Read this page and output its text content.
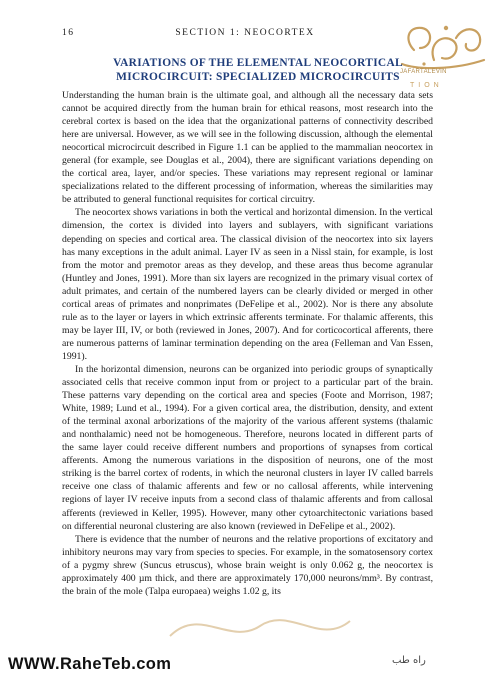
16	SECTION 1: NEOCORTEX
JAFARTALEVIN
TION
VARIATIONS OF THE ELEMENTAL NEOCORTICAL
MICROCIRCUIT: SPECIALIZED MICROCIRCUITS

Understanding the human brain is the ultimate goal, and although all the necessary data sets cannot be acquired directly from the human brain for ethical reasons, most research into the cerebral cortex is based on the idea that the organizational patterns of connectivity described here are universal. However, as we will see in the following discussion, although the elemental neocortical microcircuit described in Figure 1.1 can be applied to the mammalian neocortex in general (for example, see Douglas et al., 2004), there are significant variations depending on the cortical area, layer, and/or species. These variations may represent regional or laminar specializations related to the different processing of information, whereas the similarities may be attributed to general functional requisites for cortical circuitry.

The neocortex shows variations in both the vertical and horizontal dimension. In the vertical dimension, the cortex is divided into layers and sublayers, with significant variations depending on species and cortical area. The classical division of the neocortex into six layers has many exceptions in the adult animal. Layer IV as seen in a Nissl stain, for example, is lost from the motor and premotor areas as they develop, and these areas thus become agranular (Huntley and Jones, 1991). More than six layers are recognized in the primary visual cortex of adult primates, and certain of the numbered layers can be clearly divided or merged in other cortical areas of primates and nonprimates (DeFelipe et al., 2002). Nor is there any absolute rule as to the layer or layers in which extrinsic afferents terminate. For thalamic afferents, this may be layer III, IV, or both (reviewed in Jones, 2007). And for corticocortical afferents, there are numerous patterns of laminar termination depending on the area (Felleman and Van Essen, 1991).

In the horizontal dimension, neurons can be organized into periodic groups of synaptically associated cells that receive common input from or project to a particular part of the brain. These patterns vary depending on the cortical area and species (Foote and Morrison, 1987; White, 1989; Lund et al., 1994). For a given cortical area, the distribution, density, and extent of the terminal axonal arborizations of the majority of the various afferent systems (thalamic and nonthalamic) need not be homogeneous. Therefore, neurons located in different parts of the same layer could receive different numbers and proportions of synapses from cortical afferents. Among the numerous variations in the disposition of neurons, one of the most striking is the barrel cortex of rodents, in which the neuronal clusters in layer IV called barrels receive one class of thalamic afferents and few or no callosal afferents, while intervening regions of layer IV receive inputs from a second class of thalamic afferents and from callosal afferents (reviewed in Keller, 1995). However, many other cytoarchitectonic variations based on differential neuronal clustering are also known (reviewed in DeFelipe et al., 2002).

There is evidence that the number of neurons and the relative proportions of excitatory and inhibitory neurons may vary from species to species. For example, in the somatosensory cortex of a pygmy shrew (Suncus etruscus), whose brain weight is only 0.062 g, the neocortex is approximately 400 µm thick, and there are approximately 170,000 neurons/mm³. By contrast, the brain of the mole (Talpa europaea) weighs 1.02 g, its

WWW.RaheTeb.com	راه طب
